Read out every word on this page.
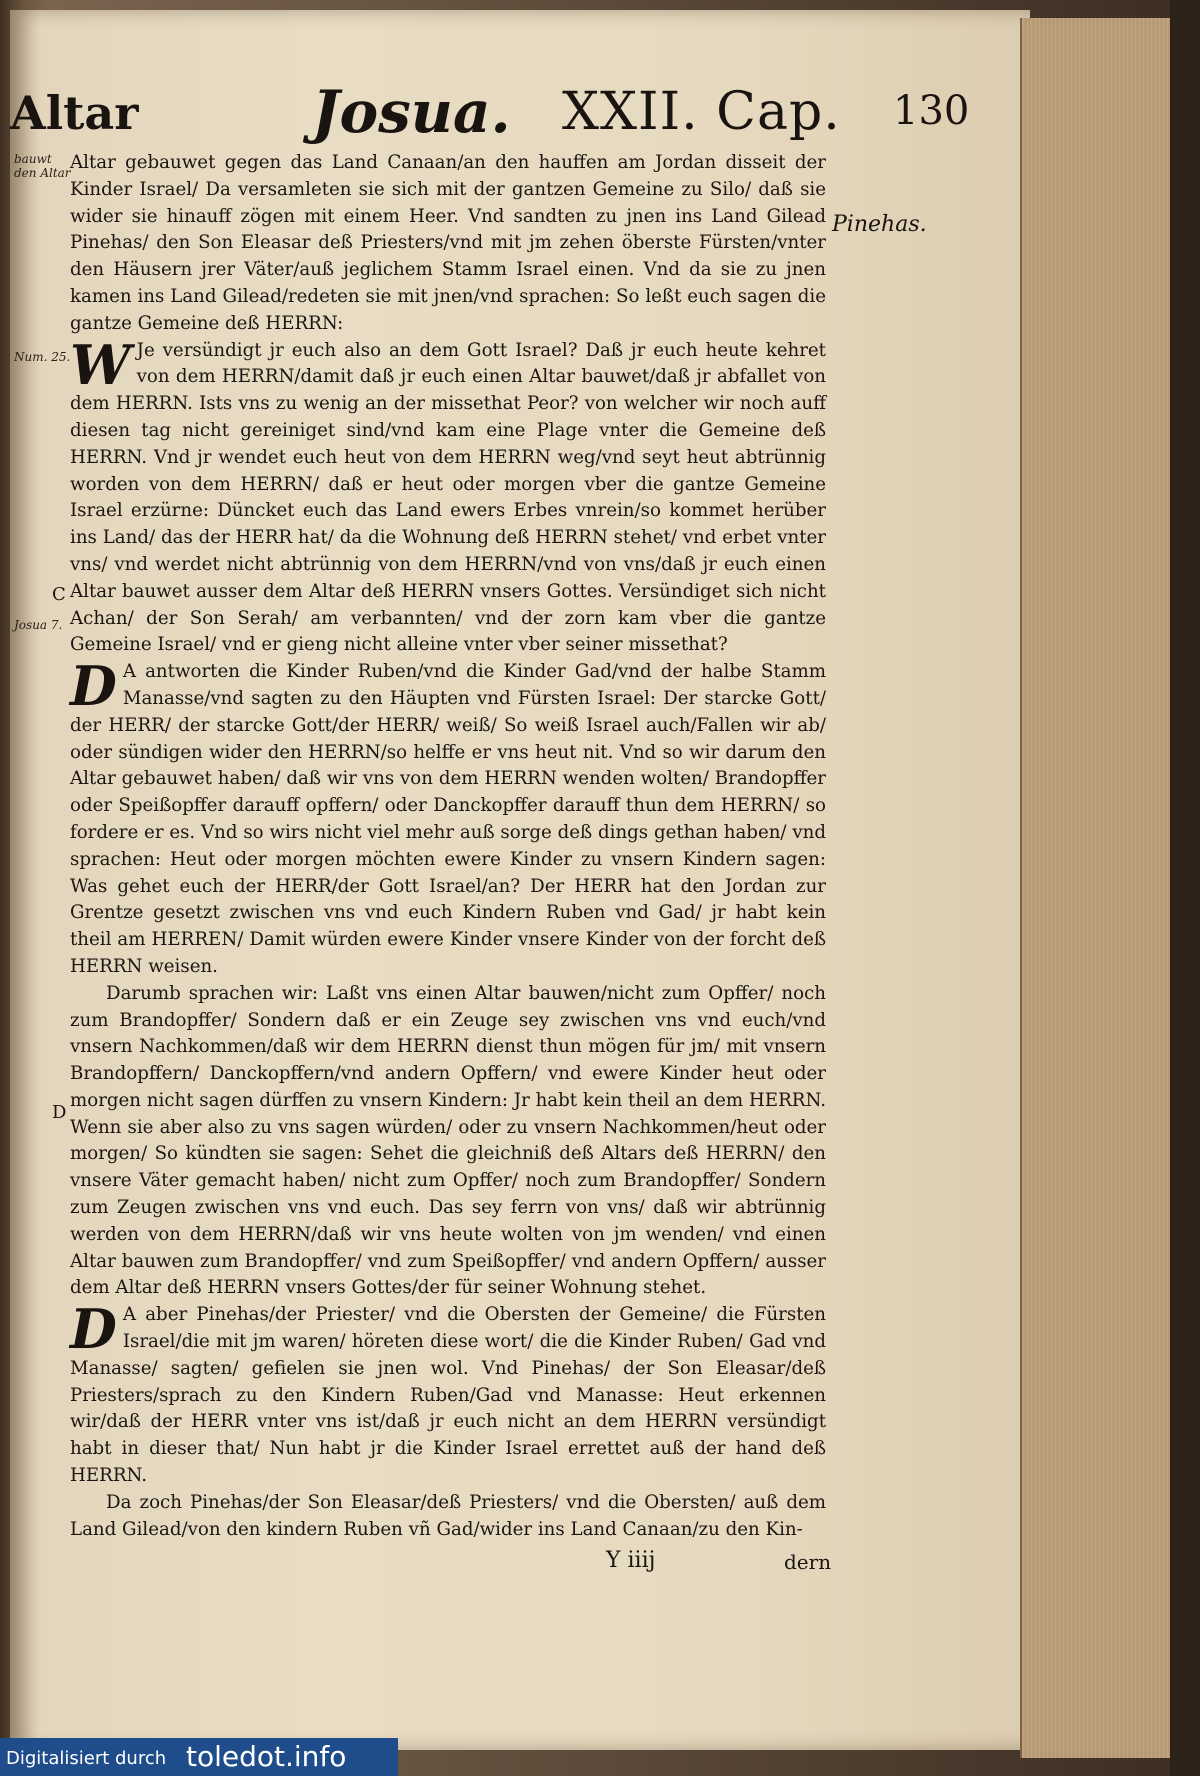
Altar	Josua. XXII. Cap. 130
bauwt den Altar
Num. 25.
Josua 7.
Pinehas.
C
D

Altar gebauwet gegen das Land Canaan/an den hauffen am Jordan disseit der Kinder Israel/ Da versamleten sie sich mit der gantzen Gemeine zu Silo/ daß sie wider sie hinauff zögen mit einem Heer. Vnd sandten zu jnen ins Land Gilead Pinehas/ den Son Eleasar deß Priesters/vnd mit jm zehen öberste Fürsten/vnter den Häusern jrer Väter/auß jeglichem Stamm Israel einen. Vnd da sie zu jnen kamen ins Land Gilead/redeten sie mit jnen/vnd sprachen: So leßt euch sagen die gantze Gemeine deß HERRN:

W Je versündigt jr euch also an dem Gott Israel? Daß jr euch heute kehret von dem HERRN/damit daß jr euch einen Altar bauwet/daß jr abfallet von dem HERRN. Ists vns zu wenig an der missethat Peor? von welcher wir noch auff diesen tag nicht gereiniget sind/vnd kam eine Plage vnter die Gemeine deß HERRN. Vnd jr wendet euch heut von dem HERRN weg/vnd seyt heut abtrünnig worden von dem HERRN/ daß er heut oder morgen vber die gantze Gemeine Israel erzürne: Düncket euch das Land ewers Erbes vnrein/so kommet herüber ins Land/ das der HERR hat/ da die Wohnung deß HERRN stehet/ vnd erbet vnter vns/ vnd werdet nicht abtrünnig von dem HERRN/vnd von vns/daß jr euch einen Altar bauwet ausser dem Altar deß HERRN vnsers Gottes. Versündiget sich nicht Achan/ der Son Serah/ am verbannten/ vnd der zorn kam vber die gantze Gemeine Israel/ vnd er gieng nicht alleine vnter vber seiner missethat?

D A antworten die Kinder Ruben/vnd die Kinder Gad/vnd der halbe Stamm Manasse/vnd sagten zu den Häupten vnd Fürsten Israel: Der starcke Gott/ der HERR/ der starcke Gott/der HERR/ weiß/ So weiß Israel auch/Fallen wir ab/ oder sündigen wider den HERRN/so helffe er vns heut nit. Vnd so wir darum den Altar gebauwet haben/ daß wir vns von dem HERRN wenden wolten/ Brandopffer oder Speißopffer darauff opffern/ oder Danckopffer darauff thun dem HERRN/ so fordere er es. Vnd so wirs nicht viel mehr auß sorge deß dings gethan haben/ vnd sprachen: Heut oder morgen möchten ewere Kinder zu vnsern Kindern sagen: Was gehet euch der HERR/der Gott Israel/an? Der HERR hat den Jordan zur Grentze gesetzt zwischen vns vnd euch Kindern Ruben vnd Gad/ jr habt kein theil am HERREN/ Damit würden ewere Kinder vnsere Kinder von der forcht deß HERRN weisen.

Darumb sprachen wir: Laßt vns einen Altar bauwen/nicht zum Opffer/ noch zum Brandopffer/ Sondern daß er ein Zeuge sey zwischen vns vnd euch/vnd vnsern Nachkommen/daß wir dem HERRN dienst thun mögen für jm/ mit vnsern Brandopffern/ Danckopffern/vnd andern Opffern/ vnd ewere Kinder heut oder morgen nicht sagen dürffen zu vnsern Kindern: Jr habt kein theil an dem HERRN. Wenn sie aber also zu vns sagen würden/ oder zu vnsern Nachkommen/heut oder morgen/ So kündten sie sagen: Sehet die gleichniß deß Altars deß HERRN/ den vnsere Väter gemacht haben/ nicht zum Opffer/ noch zum Brandopffer/ Sondern zum Zeugen zwischen vns vnd euch. Das sey ferrn von vns/ daß wir abtrünnig werden von dem HERRN/daß wir vns heute wolten von jm wenden/ vnd einen Altar bauwen zum Brandopffer/ vnd zum Speißopffer/ vnd andern Opffern/ ausser dem Altar deß HERRN vnsers Gottes/der für seiner Wohnung stehet.

D A aber Pinehas/der Priester/ vnd die Obersten der Gemeine/ die Fürsten Israel/die mit jm waren/ höreten diese wort/ die die Kinder Ruben/ Gad vnd Manasse/ sagten/ gefielen sie jnen wol. Vnd Pinehas/ der Son Eleasar/deß Priesters/sprach zu den Kindern Ruben/Gad vnd Manasse: Heut erkennen wir/daß der HERR vnter vns ist/daß jr euch nicht an dem HERRN versündigt habt in dieser that/ Nun habt jr die Kinder Israel errettet auß der hand deß HERRN.

Da zoch Pinehas/der Son Eleasar/deß Priesters/ vnd die Obersten/ auß dem Land Gilead/von den kindern Ruben vñ Gad/wider ins Land Canaan/zu den Kin-

Y iiij	dern
Digitalisiert durch toledot.info
